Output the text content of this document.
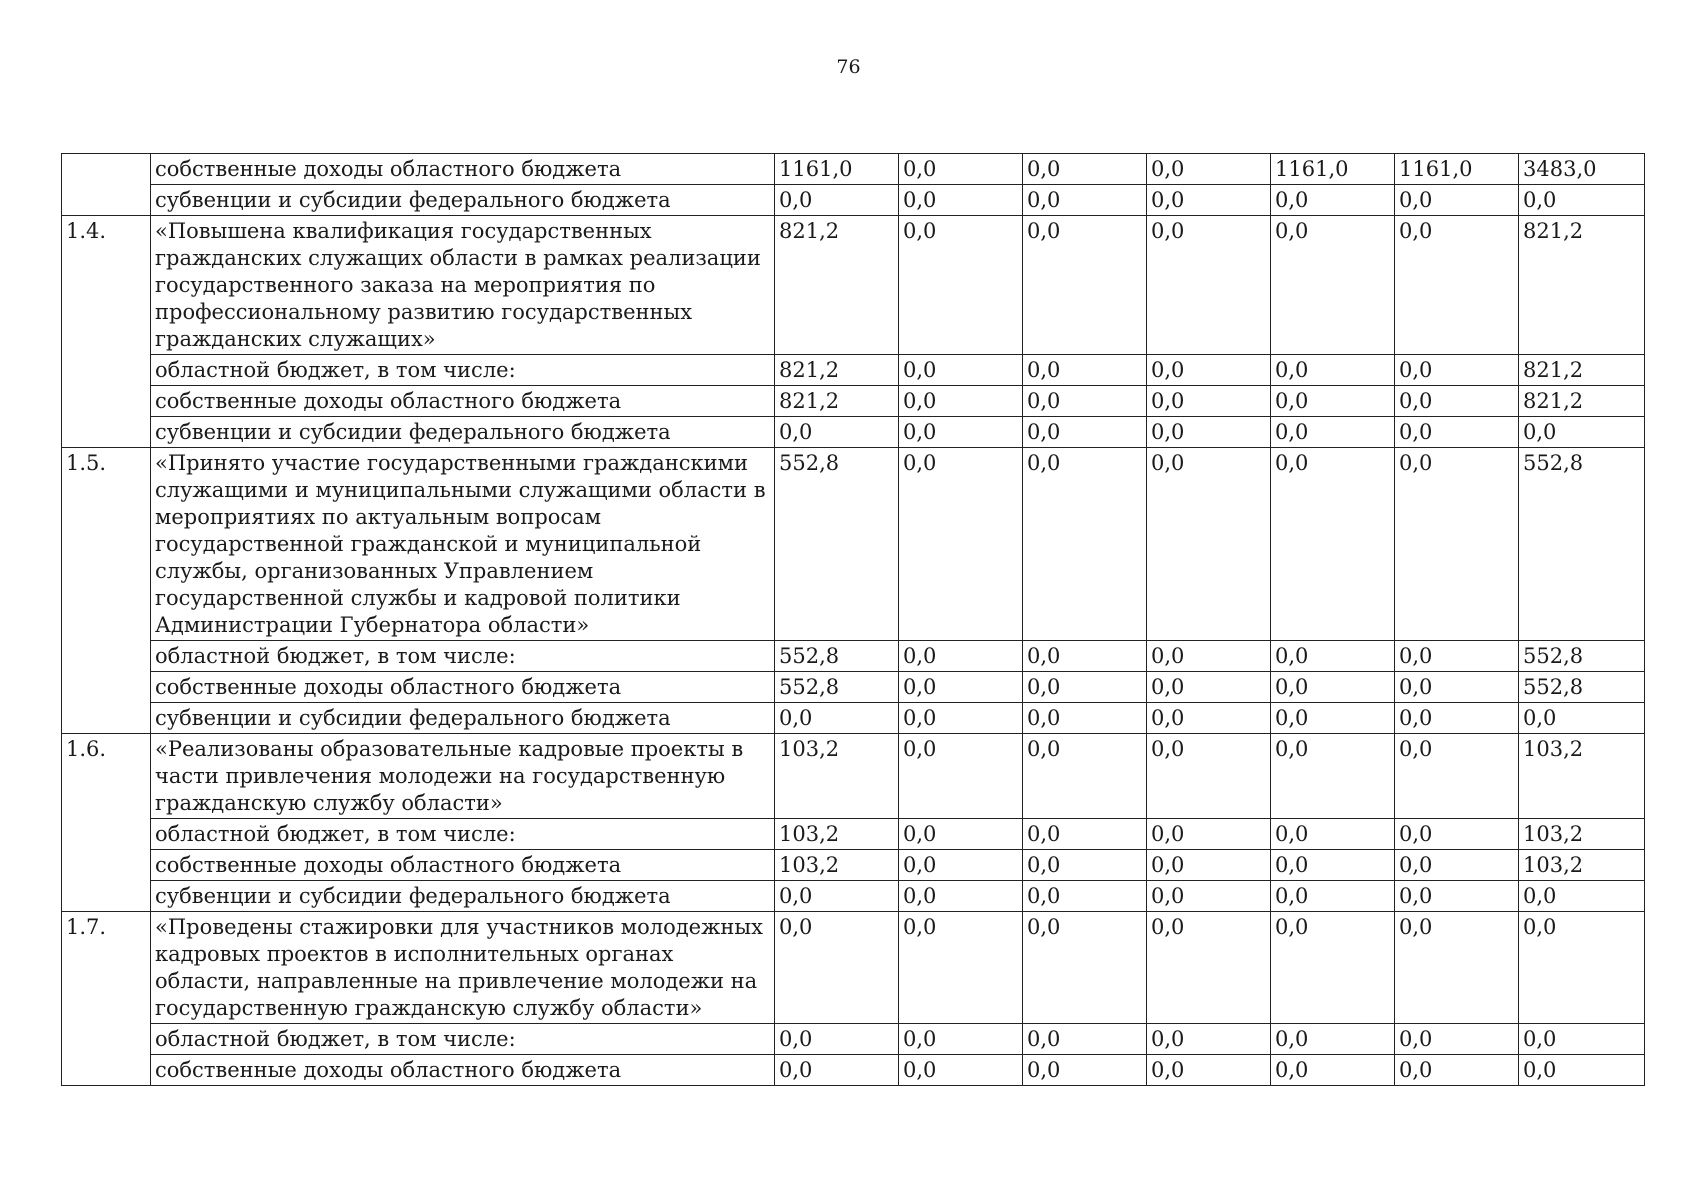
76
	собственные доходы областного бюджета	1161,0	0,0	0,0	0,0	1161,0	1161,0	3483,0
	субвенции и субсидии федерального бюджета	0,0	0,0	0,0	0,0	0,0	0,0	0,0
1.4.	«Повышена квалификация государственных гражданских служащих области в рамках реализации государственного заказа на мероприятия по профессиональному развитию государственных гражданских служащих»	821,2	0,0	0,0	0,0	0,0	0,0	821,2
	областной бюджет, в том числе:	821,2	0,0	0,0	0,0	0,0	0,0	821,2
	собственные доходы областного бюджета	821,2	0,0	0,0	0,0	0,0	0,0	821,2
	субвенции и субсидии федерального бюджета	0,0	0,0	0,0	0,0	0,0	0,0	0,0
1.5.	«Принято участие государственными гражданскими служащими и муниципальными служащими области в мероприятиях по актуальным вопросам государственной гражданской и муниципальной службы, организованных Управлением государственной службы и кадровой политики Администрации Губернатора области»	552,8	0,0	0,0	0,0	0,0	0,0	552,8
	областной бюджет, в том числе:	552,8	0,0	0,0	0,0	0,0	0,0	552,8
	собственные доходы областного бюджета	552,8	0,0	0,0	0,0	0,0	0,0	552,8
	субвенции и субсидии федерального бюджета	0,0	0,0	0,0	0,0	0,0	0,0	0,0
1.6.	«Реализованы образовательные кадровые проекты в части привлечения молодежи на государственную гражданскую службу области»	103,2	0,0	0,0	0,0	0,0	0,0	103,2
	областной бюджет, в том числе:	103,2	0,0	0,0	0,0	0,0	0,0	103,2
	собственные доходы областного бюджета	103,2	0,0	0,0	0,0	0,0	0,0	103,2
	субвенции и субсидии федерального бюджета	0,0	0,0	0,0	0,0	0,0	0,0	0,0
1.7.	«Проведены стажировки для участников молодежных кадровых проектов в исполнительных органах области, направленные на привлечение молодежи на государственную гражданскую службу области»	0,0	0,0	0,0	0,0	0,0	0,0	0,0
	областной бюджет, в том числе:	0,0	0,0	0,0	0,0	0,0	0,0	0,0
	собственные доходы областного бюджета	0,0	0,0	0,0	0,0	0,0	0,0	0,0
